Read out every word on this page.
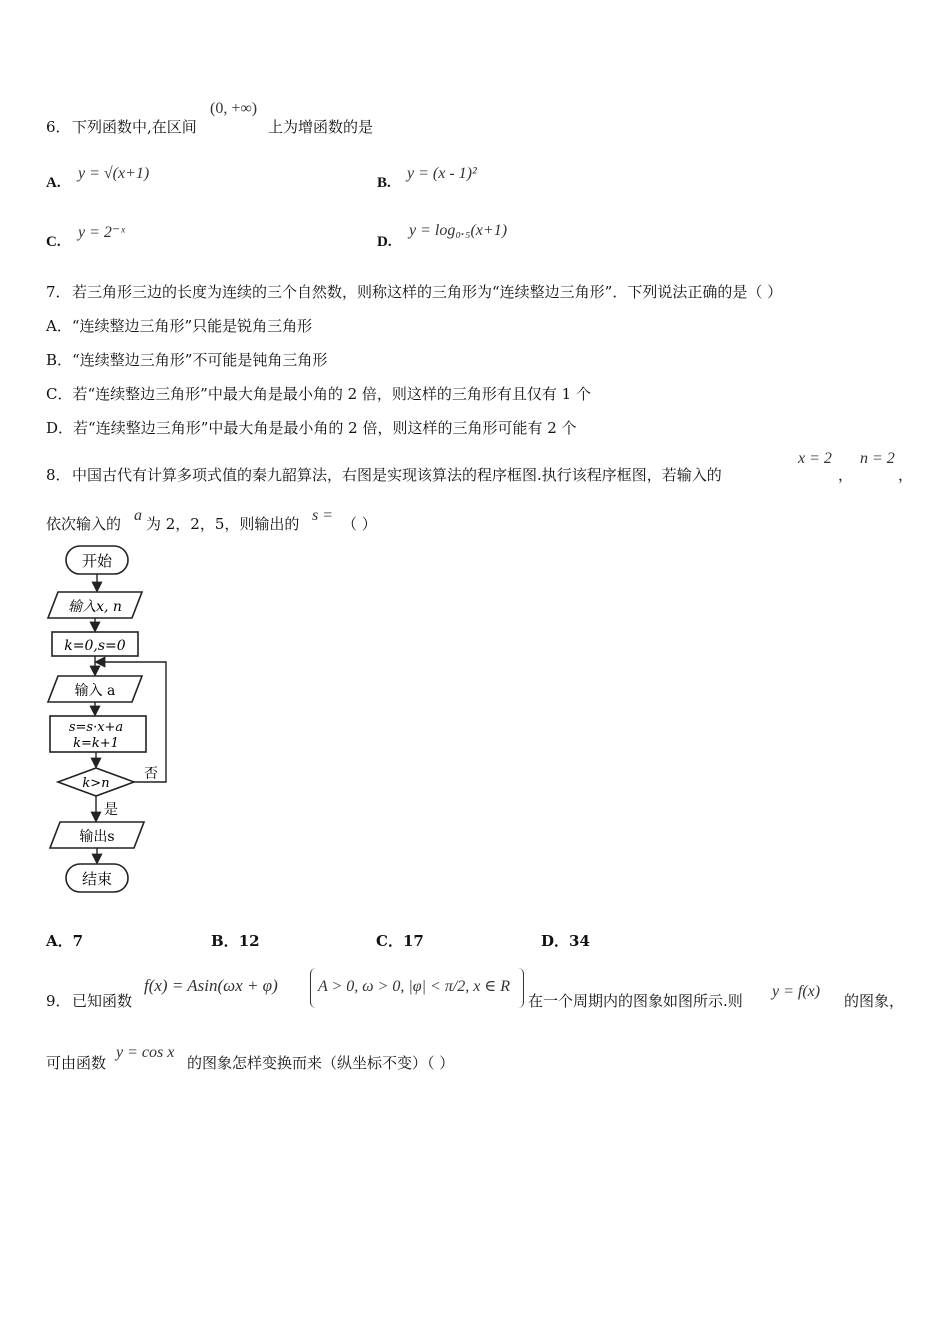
6． 下列函数中,在区间
(0, +∞)
上为增函数的是
A.
y = √(x+1)
B.
y = (x - 1)²
C.
y = 2⁻ˣ
D.
y = log₀.₅(x+1)
7． 若三角形三边的长度为连续的三个自然数，则称这样的三角形为“连续整边三角形”．下列说法正确的是（ ）
A．“连续整边三角形”只能是锐角三角形
B．“连续整边三角形”不可能是钝角三角形
C．若“连续整边三角形”中最大角是最小角的 2 倍，则这样的三角形有且仅有 1 个
D．若“连续整边三角形”中最大角是最小角的 2 倍，则这样的三角形可能有 2 个
8． 中国古代有计算多项式值的秦九韶算法，右图是实现该算法的程序框图.执行该程序框图，若输入的
x = 2
，
n = 2
，
依次输入的 a 为 2，2，5，则输出的 s = （ ）
开始
输入x, n
k=0,s=0
输入 a
s=s·x+a
k=k+1
k>n
否
是
输出s
结束
A．7	B．12	C．17	D．34
9． 已知函数
f(x) = Asin(ωx + φ)	A > 0, ω > 0, |φ| < π/2, x ∈ R
在一个周期内的图象如图所示.则
y = f(x)
的图象，
可由函数
y = cos x
的图象怎样变换而来（纵坐标不变）（ ）
